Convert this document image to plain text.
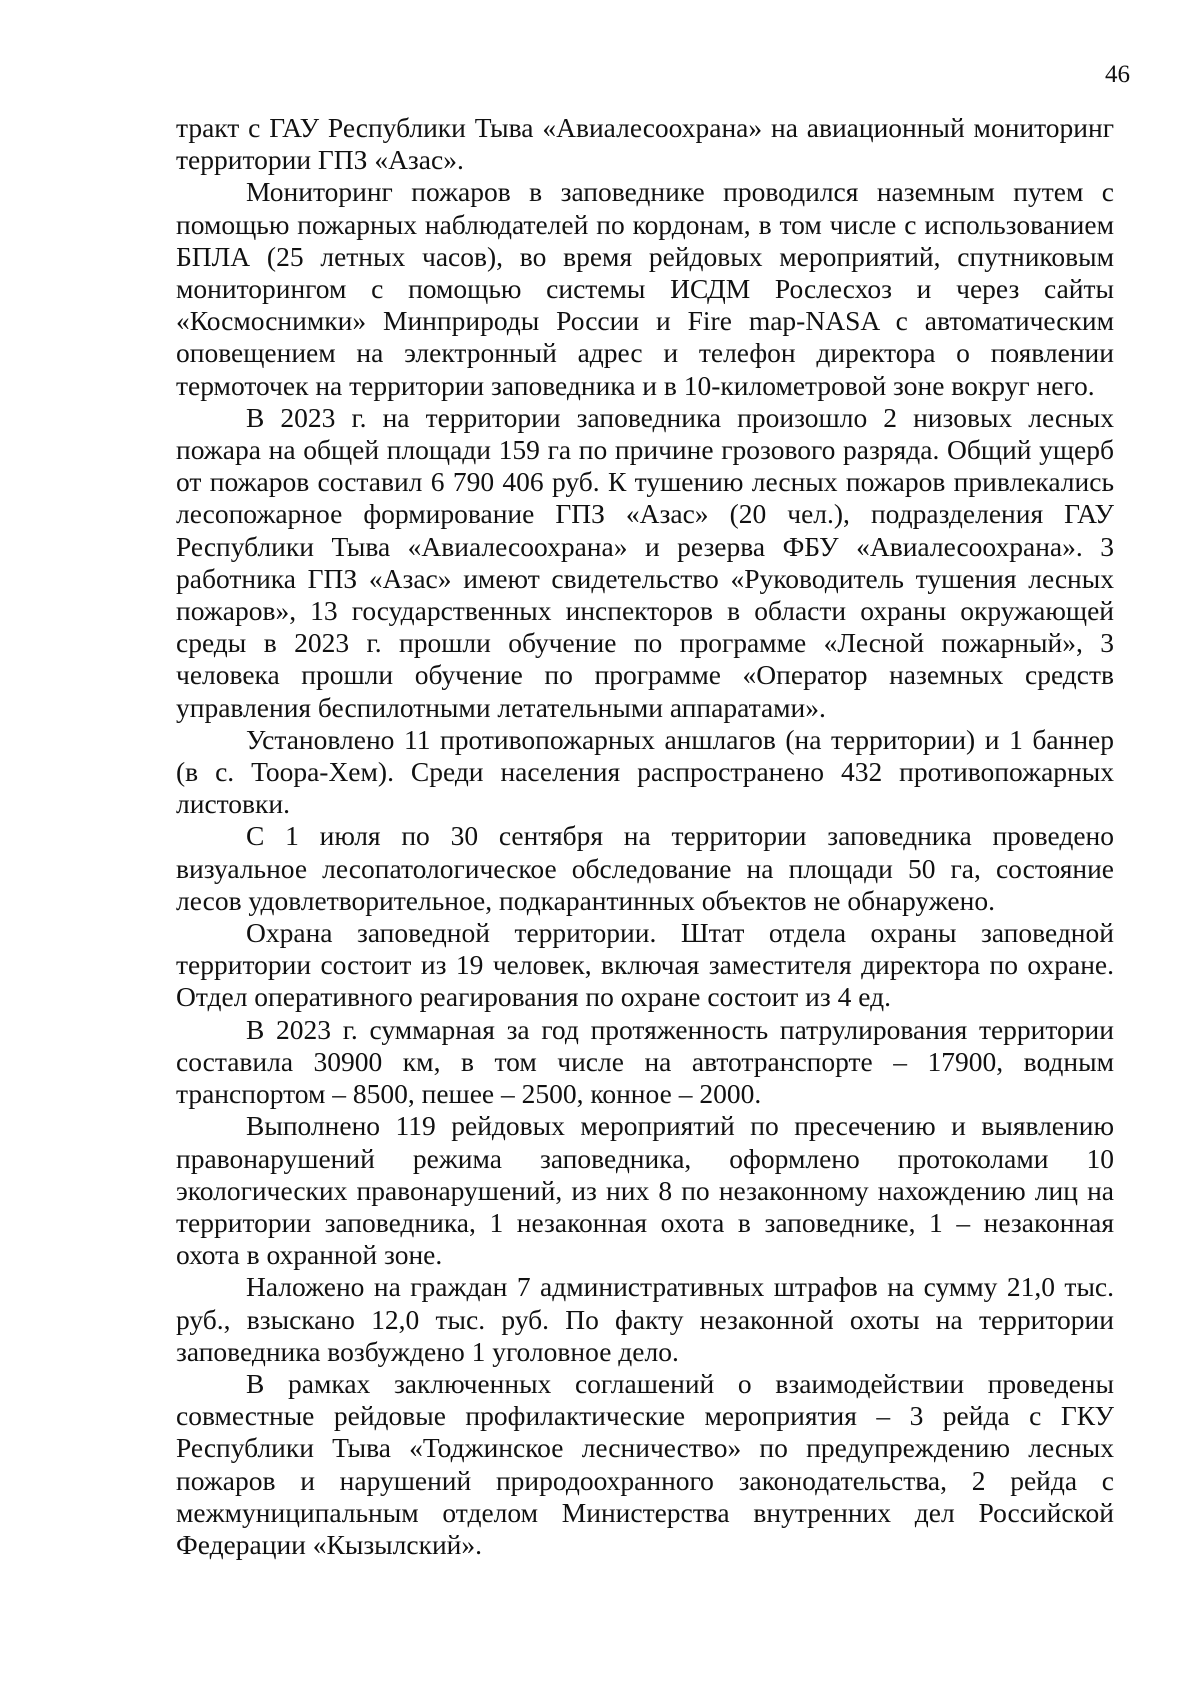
46

тракт с ГАУ Республики Тыва «Авиалесоохрана» на авиационный мониторинг территории ГПЗ «Азас».

Мониторинг пожаров в заповеднике проводился наземным путем с помощью пожарных наблюдателей по кордонам, в том числе с использованием БПЛА (25 летных часов), во время рейдовых мероприятий, спутниковым мониторингом с помощью системы ИСДМ Рослесхоз и через сайты «Космоснимки» Минприроды России и Fire map-NASA с автоматическим оповещением на электронный адрес и телефон директора о появлении термоточек на территории заповедника и в 10-километровой зоне вокруг него.

В 2023 г. на территории заповедника произошло 2 низовых лесных пожара на общей площади 159 га по причине грозового разряда. Общий ущерб от пожаров составил 6 790 406 руб. К тушению лесных пожаров привлекались лесопожарное формирование ГПЗ «Азас» (20 чел.), подразделения ГАУ Республики Тыва «Авиалесоохрана» и резерва ФБУ «Авиалесоохрана». 3 работника ГПЗ «Азас» имеют свидетельство «Руководитель тушения лесных пожаров», 13 государственных инспекторов в области охраны окружающей среды в 2023 г. прошли обучение по программе «Лесной пожарный», 3 человека прошли обучение по программе «Оператор наземных средств управления беспилотными летательными аппаратами».

Установлено 11 противопожарных аншлагов (на территории) и 1 баннер (в с. Тоора-Хем). Среди населения распространено 432 противопожарных листовки.

С 1 июля по 30 сентября на территории заповедника проведено визуальное лесопатологическое обследование на площади 50 га, состояние лесов удовлетворительное, подкарантинных объектов не обнаружено.

Охрана заповедной территории. Штат отдела охраны заповедной территории состоит из 19 человек, включая заместителя директора по охране. Отдел оперативного реагирования по охране состоит из 4 ед.

В 2023 г. суммарная за год протяженность патрулирования территории составила 30900 км, в том числе на автотранспорте – 17900, водным транспортом – 8500, пешее – 2500, конное – 2000.

Выполнено 119 рейдовых мероприятий по пресечению и выявлению правонарушений режима заповедника, оформлено протоколами 10 экологических правонарушений, из них 8 по незаконному нахождению лиц на территории заповедника, 1 незаконная охота в заповеднике, 1 – незаконная охота в охранной зоне.

Наложено на граждан 7 административных штрафов на сумму 21,0 тыс. руб., взыскано 12,0 тыс. руб. По факту незаконной охоты на территории заповедника возбуждено 1 уголовное дело.

В рамках заключенных соглашений о взаимодействии проведены совместные рейдовые профилактические мероприятия – 3 рейда с ГКУ Республики Тыва «Тоджинское лесничество» по предупреждению лесных пожаров и нарушений природоохранного законодательства, 2 рейда с межмуниципальным отделом Министерства внутренних дел Российской Федерации «Кызылский».
